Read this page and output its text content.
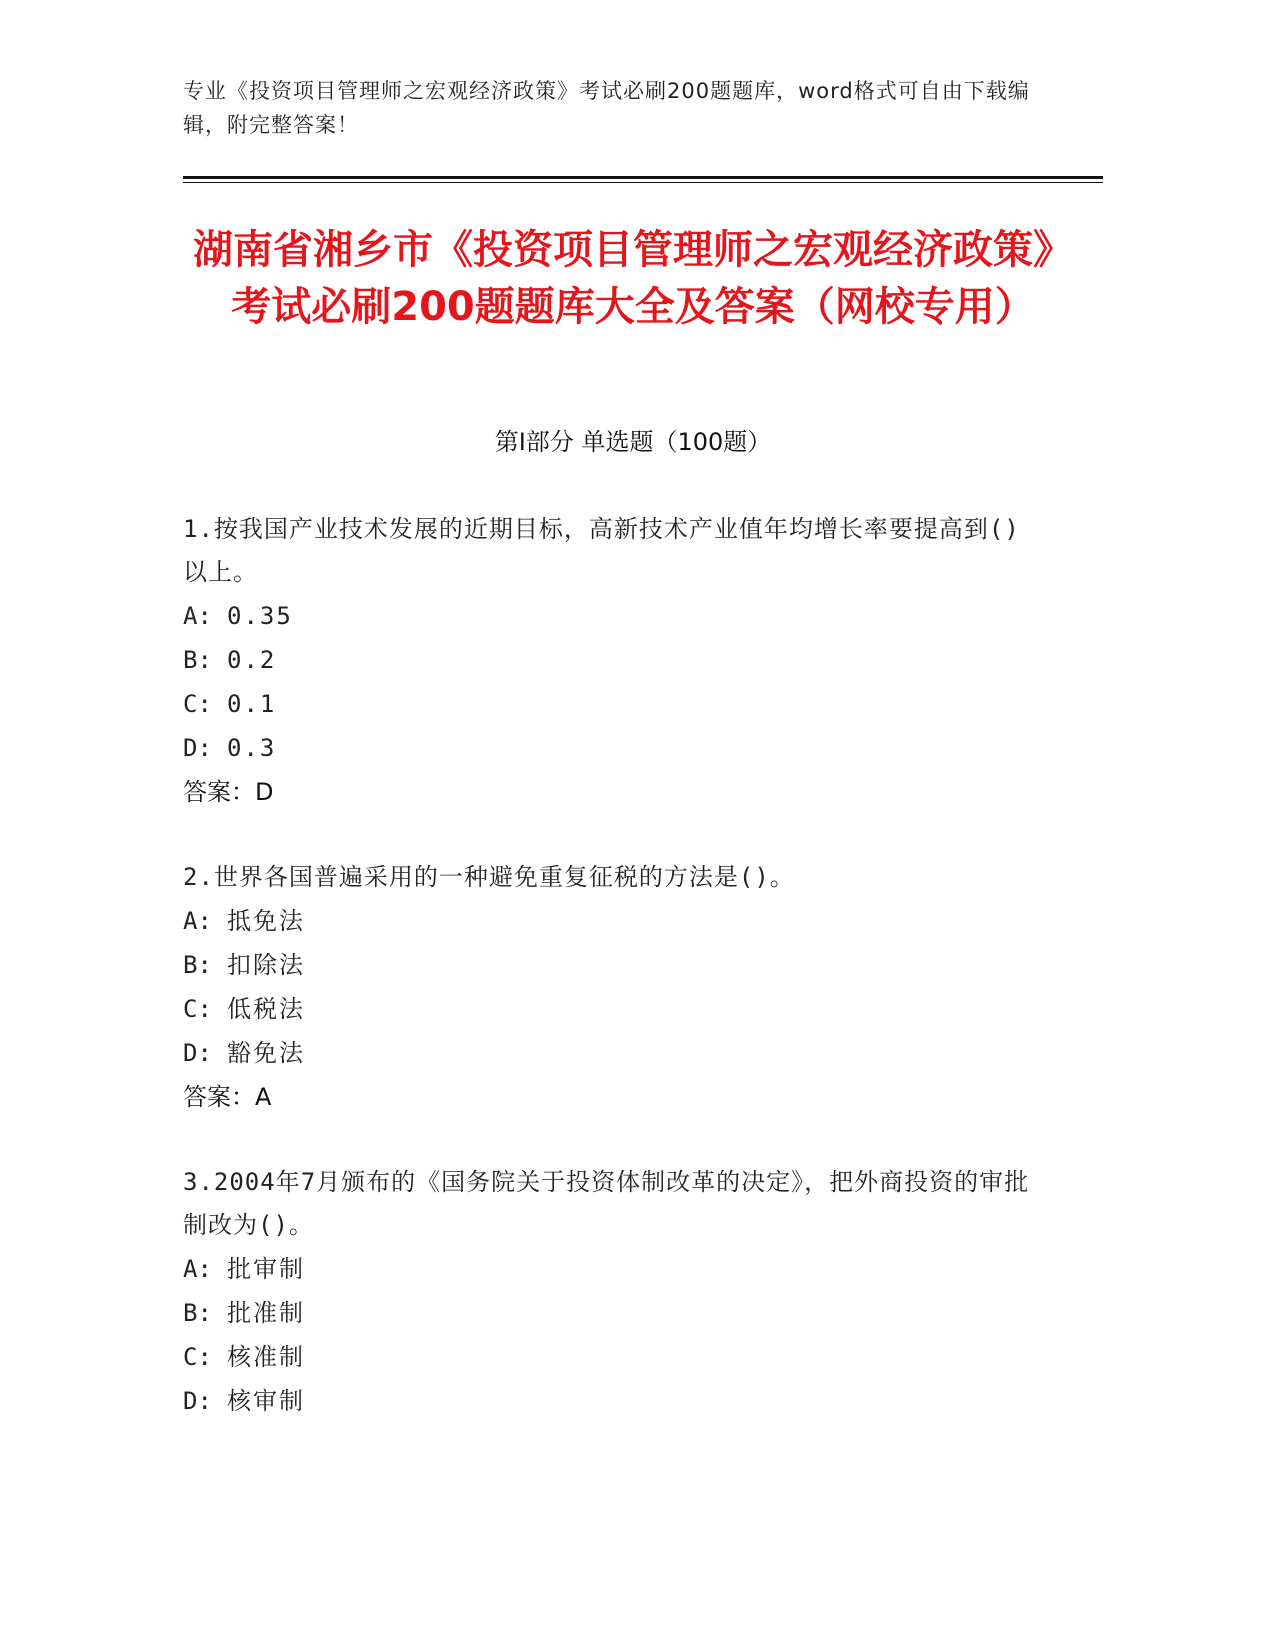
专业《投资项目管理师之宏观经济政策》考试必刷200题题库，word格式可自由下载编辑，附完整答案！
湖南省湘乡市《投资项目管理师之宏观经济政策》考试必刷200题题库大全及答案（网校专用）
第I部分 单选题（100题）
1.按我国产业技术发展的近期目标，高新技术产业值年均增长率要提高到()以上。
A: 0.35
B: 0.2
C: 0.1
D: 0.3
答案：D
2.世界各国普遍采用的一种避免重复征税的方法是()。
A: 抵免法
B: 扣除法
C: 低税法
D: 豁免法
答案：A
3.2004年7月颁布的《国务院关于投资体制改革的决定》，把外商投资的审批制改为()。
A: 批审制
B: 批准制
C: 核准制
D: 核审制
